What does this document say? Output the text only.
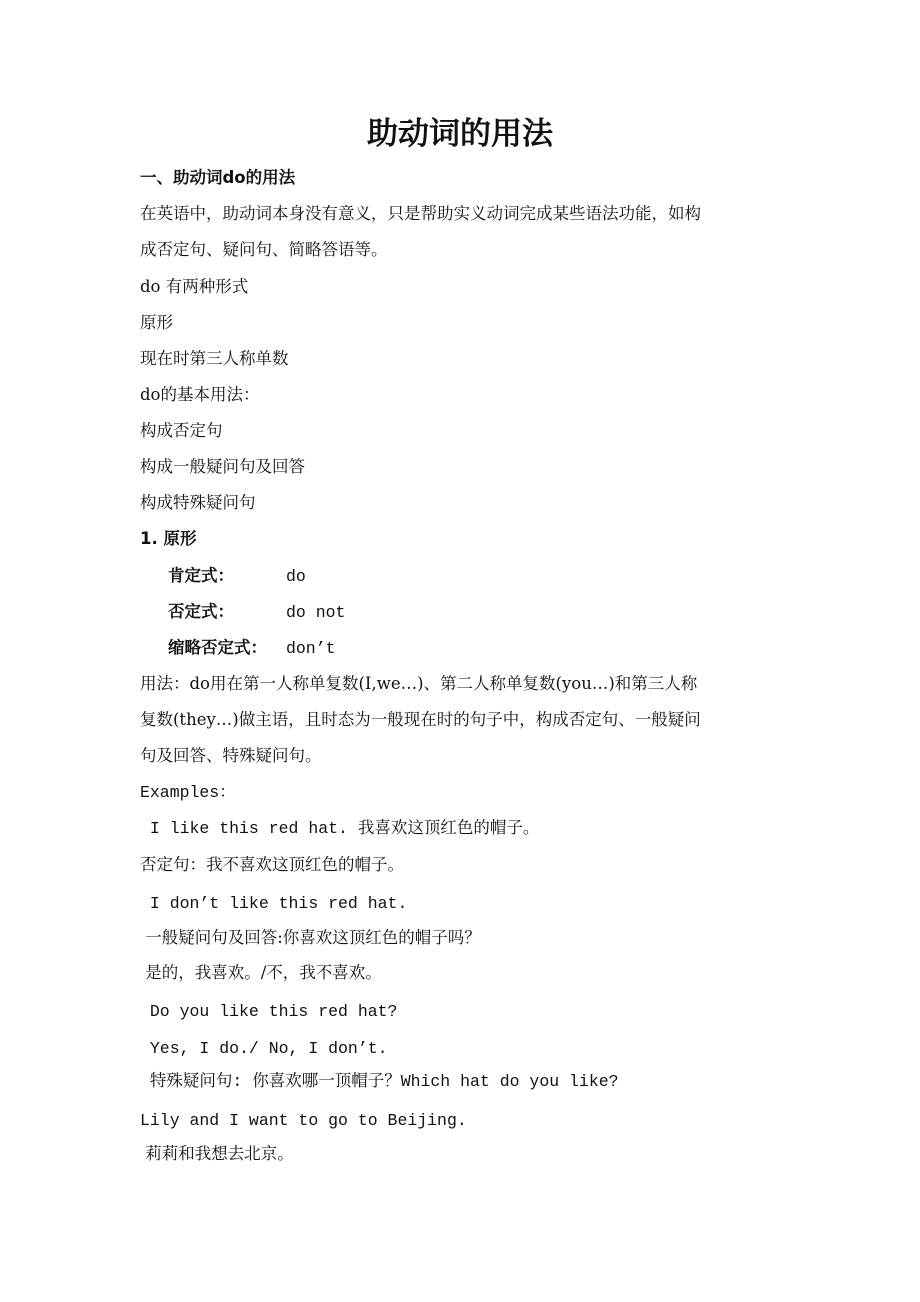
助动词的用法

一、助动词do的用法

在英语中，助动词本身没有意义，只是帮助实义动词完成某些语法功能，如构

成否定句、疑问句、简略答语等。

do 有两种形式

原形

现在时第三人称单数

do的基本用法：

构成否定句

构成一般疑问句及回答

构成特殊疑问句

1. 原形

肯定式：	do
否定式：	do not
缩略否定式： don’t

用法：do用在第一人称单复数(I,we…)、第二人称单复数(you…)和第三人称

复数(they…)做主语，且时态为一般现在时的句子中，构成否定句、一般疑问

句及回答、特殊疑问句。

Examples：

I like this red hat. 我喜欢这顶红色的帽子。

否定句：我不喜欢这顶红色的帽子。

I don’t like this red hat.

一般疑问句及回答:你喜欢这顶红色的帽子吗？

是的，我喜欢。/不，我不喜欢。

Do you like this red hat?

Yes, I do./ No, I don’t.

特殊疑问句: 你喜欢哪一顶帽子？Which hat do you like?

Lily and I want to go to Beijing.

莉莉和我想去北京。
